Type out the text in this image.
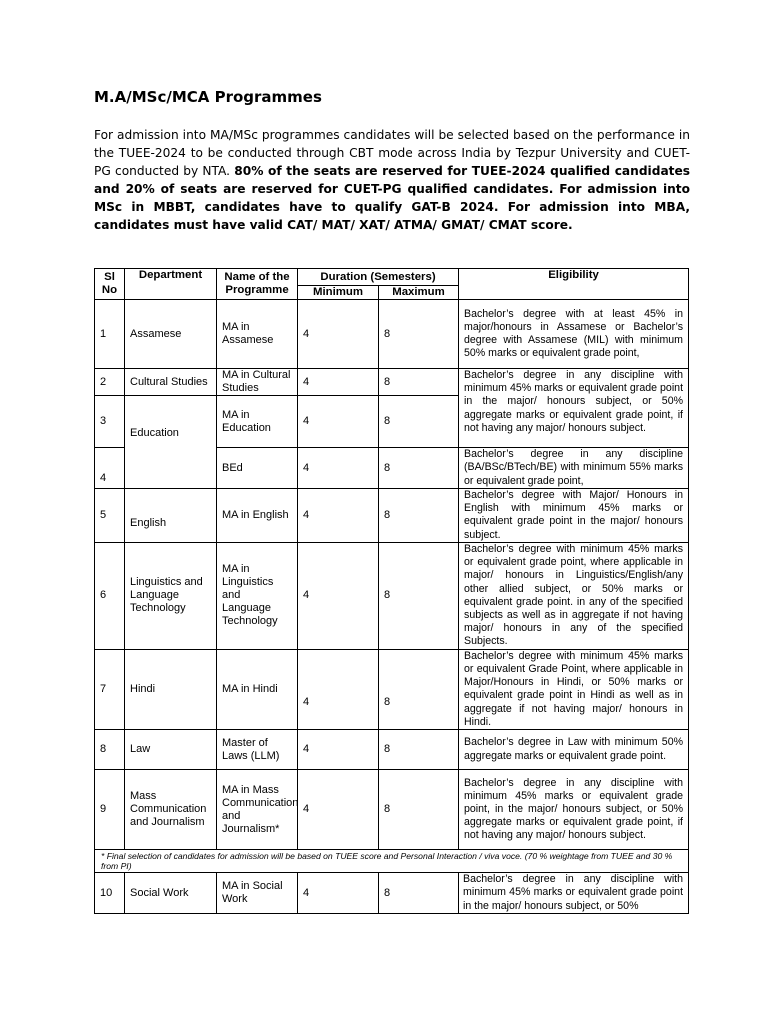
M.A/MSc/MCA Programmes
For admission into MA/MSc programmes candidates will be selected based on the performance in the TUEE-2024 to be conducted through CBT mode across India by Tezpur University and CUET-PG conducted by NTA. 80% of the seats are reserved for TUEE-2024 qualified candidates and 20% of seats are reserved for CUET-PG qualified candidates. For admission into MSc in MBBT, candidates have to qualify GAT-B 2024. For admission into MBA, candidates must have valid CAT/ MAT/ XAT/ ATMA/ GMAT/ CMAT score.
Sl No	Department	Name of the Programme	Duration (Semesters)		Eligibility
			Minimum	Maximum	
1	Assamese	MA in Assamese	4	8	Bachelor’s degree with at least 45% in major/honours in Assamese or Bachelor’s degree with Assamese (MIL) with minimum 50% marks or equivalent grade point,
2	Cultural Studies	MA in Cultural Studies	4	8	Bachelor’s degree in any discipline with minimum 45% marks or equivalent grade point in the major/ honours subject, or 50% aggregate marks or equivalent grade point, if not having any major/ honours subject.
3	Education	MA in Education	4	8	
4		BEd	4	8	Bachelor’s degree in any discipline (BA/BSc/BTech/BE) with minimum 55% marks or equivalent grade point,
5	English	MA in English	4	8	Bachelor’s degree with Major/ Honours in English with minimum 45% marks or equivalent grade point in the major/ honours subject.
6	Linguistics and Language Technology	MA in Linguistics and Language Technology	4	8	Bachelor’s degree with minimum 45% marks or equivalent grade point, where applicable in major/ honours in Linguistics/English/any other allied subject, or 50% marks or equivalent grade point. in any of the specified subjects as well as in aggregate if not having major/ honours in any of the specified Subjects.
7	Hindi	MA in Hindi	4	8	Bachelor’s degree with minimum 45% marks or equivalent Grade Point, where applicable in Major/Honours in Hindi, or 50% marks or equivalent grade point in Hindi as well as in aggregate if not having major/ honours in Hindi.
8	Law	Master of Laws (LLM)	4	8	Bachelor’s degree in Law with minimum 50% aggregate marks or equivalent grade point.
9	Mass Communication and Journalism	MA in Mass Communication and Journalism*	4	8	Bachelor’s degree in any discipline with minimum 45% marks or equivalent grade point, in the major/ honours subject, or 50% aggregate marks or equivalent grade point, if not having any major/ honours subject.
* Final selection of candidates for admission will be based on TUEE score and Personal Interaction / viva voce. (70 % weightage from TUEE and 30 % from PI)					
10	Social Work	MA in Social Work	4	8	Bachelor’s degree in any discipline with minimum 45% marks or equivalent grade point in the major/ honours subject, or 50%
